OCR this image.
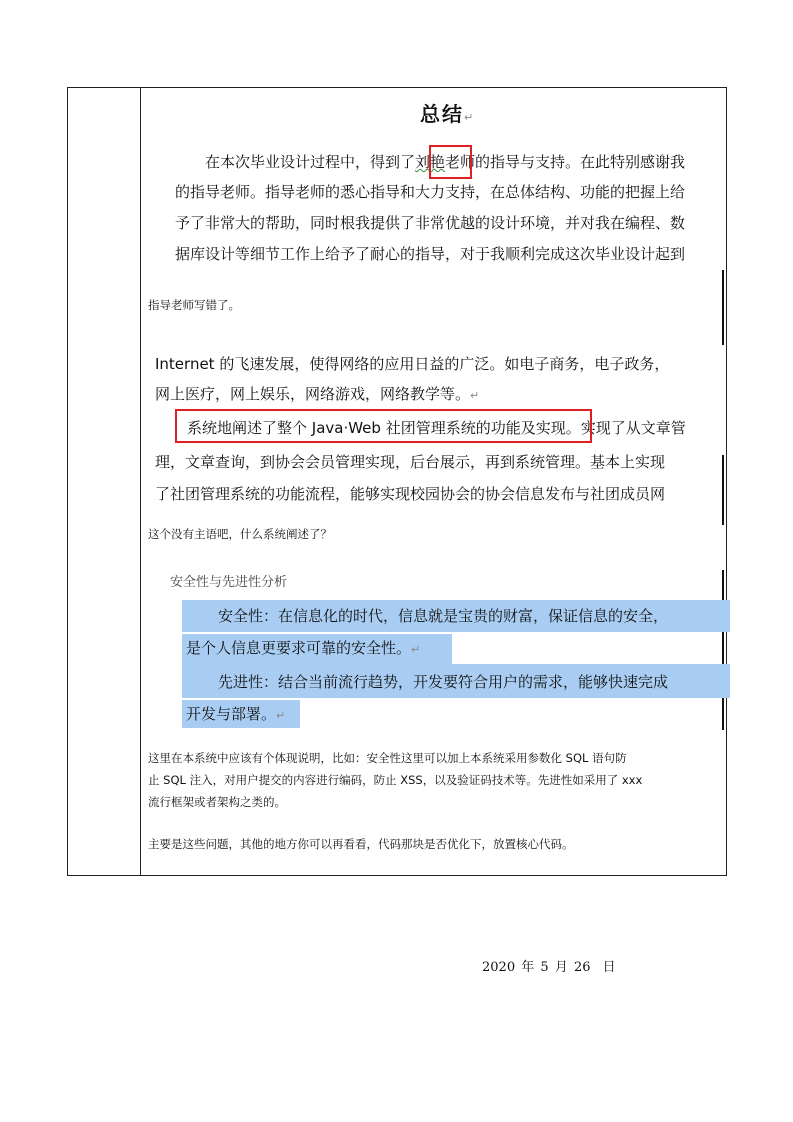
总结↵
在本次毕业设计过程中，得到了刘艳老师的指导与支持。在此特别感谢我
的指导老师。指导老师的悉心指导和大力支持，在总体结构、功能的把握上给
予了非常大的帮助，同时根我提供了非常优越的设计环境，并对我在编程、数
据库设计等细节工作上给予了耐心的指导，对于我顺利完成这次毕业设计起到
指导老师写错了。
Internet 的飞速发展，使得网络的应用日益的广泛。如电子商务，电子政务，
网上医疗，网上娱乐，网络游戏，网络教学等。↵
系统地阐述了整个 Java·Web 社团管理系统的功能及实现。实现了从文章管
理，文章查询，到协会会员管理实现，后台展示，再到系统管理。基本上实现
了社团管理系统的功能流程，能够实现校园协会的协会信息发布与社团成员网
这个没有主语吧，什么系统阐述了？
安全性与先进性分析
安全性：在信息化的时代，信息就是宝贵的财富，保证信息的安全，
是个人信息更要求可靠的安全性。↵
先进性：结合当前流行趋势，开发要符合用户的需求，能够快速完成
开发与部署。↵
这里在本系统中应该有个体现说明，比如：安全性这里可以加上本系统采用参数化 SQL 语句防
止 SQL 注入，对用户提交的内容进行编码，防止 XSS，以及验证码技术等。先进性如采用了 xxx
流行框架或者架构之类的。
主要是这些问题，其他的地方你可以再看看，代码那块是否优化下，放置核心代码。
2020 年 5 月 26 日
